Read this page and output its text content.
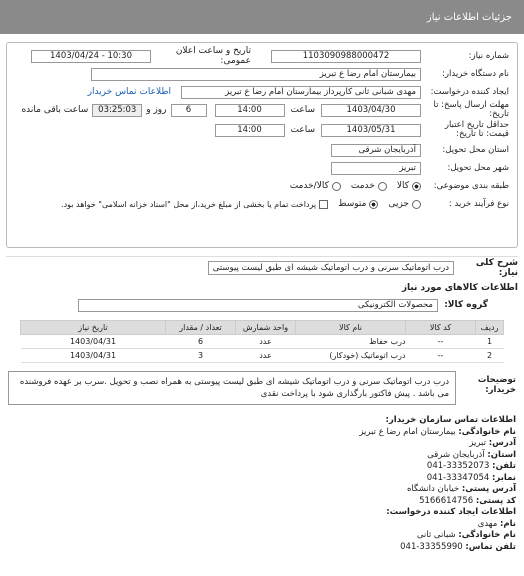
جزئیات اطلاعات نیاز
شماره نیاز:
1103090988000472
تاریخ و ساعت اعلان عمومی:
1403/04/24 - 10:30
نام دستگاه خریدار:
بیمارستان امام رضا ع تبریز
ایجاد کننده درخواست:
مهدی شبانی ثانی کارپرداز بیمارستان امام رضا ع تبریز
اطلاعات تماس خریدار
مهلت ارسال پاسخ: تا تاریخ:
1403/04/30
ساعت
14:00
6
روز و
03:25:03
ساعت باقی مانده
حداقل تاریخ اعتبار قیمت: تا تاریخ:
1403/05/31
ساعت
14:00
استان محل تحویل:
آذربایجان شرقی
شهر محل تحویل:
تبریز
طبقه بندی موضوعی:
کالا
خدمت
کالا/خدمت
نوع فرآیند خرید :
جزیی
متوسط
پرداخت تمام یا بخشی از مبلغ خرید،از محل "اسناد خزانه اسلامی" خواهد بود.
شرح کلی نیاز:
درب اتوماتیک سرنی و درب اتوماتیک شیشه ای طبق لیست پیوستی
اطلاعات کالاهای مورد نیاز
گروه کالا:
محصولات الکترونیکی
ردیف	کد کالا	نام کالا	واحد شمارش	تعداد / مقدار	تاریخ نیاز
1	--	درب حفاظ	عدد	6	1403/04/31
2	--	درب اتوماتیک (خودکار)	عدد	3	1403/04/31
توضیحات خریدار:
درب درب اتوماتیک سرنی و درب اتوماتیک شیشه ای طبق لیست پیوستی به همراه نصب و تحویل .سرب بر عهده فروشنده می باشد . پیش فاکتور بارگذاری شود با پرداخت نقدی
اطلاعات تماس سازمان خریدار:
نام خانوادگی: بیمارستان امام رضا ع تبریز
آدرس: تبریز
استان: آذربایجان شرقی
تلفن: 041-33352073
نمابر: 041-33347054
آدرس پستی: خیابان دانشگاه
کد پستی: 5166614756
اطلاعات ایجاد کننده درخواست:
نام: مهدی
نام خانوادگی: شبانی ثانی
تلفن تماس: 041-33355990
